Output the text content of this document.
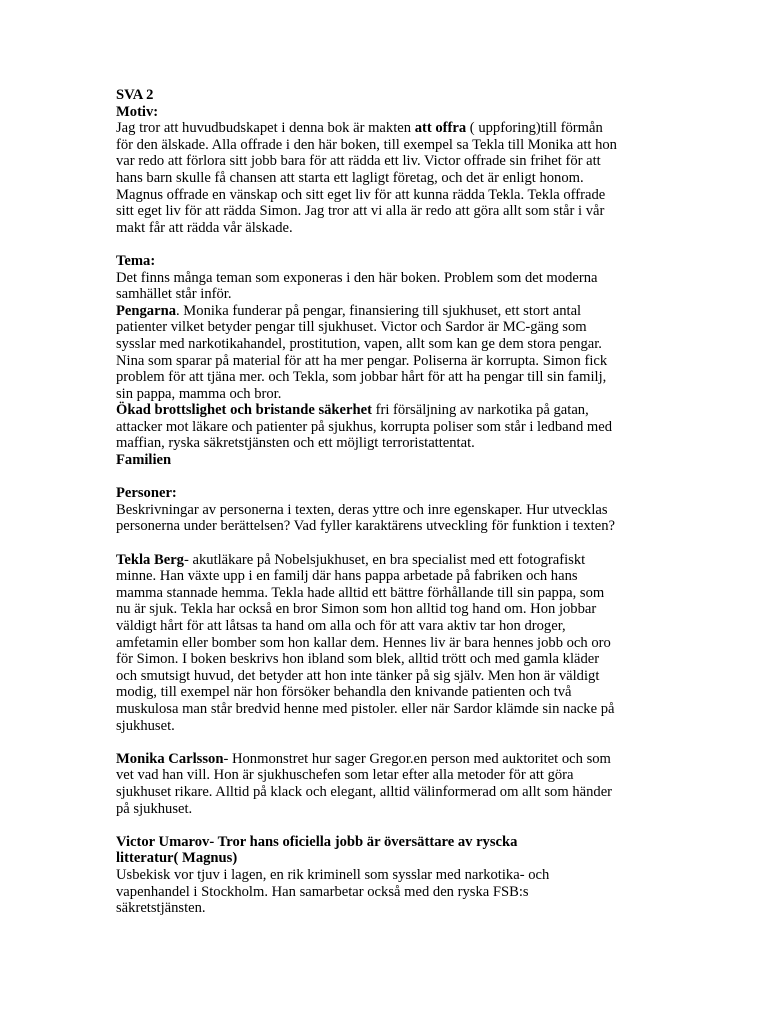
SVA 2
Motiv:
Jag tror att huvudbudskapet i denna bok är makten att offra ( uppforing)till förmån
för den älskade. Alla offrade i den här boken, till exempel sa Tekla till Monika att hon
var redo att förlora sitt jobb bara för att rädda ett liv. Victor offrade sin frihet för att
hans barn skulle få chansen att starta ett lagligt företag, och det är enligt honom.
Magnus offrade en vänskap och sitt eget liv för att kunna rädda Tekla. Tekla offrade
sitt eget liv för att rädda Simon. Jag tror att vi alla är redo att göra allt som står i vår
makt får att rädda vår älskade.
Tema:
Det finns många teman som exponeras i den här boken. Problem som det moderna
samhället står inför.
Pengarna. Monika funderar på pengar, finansiering till sjukhuset, ett stort antal
patienter vilket betyder pengar till sjukhuset. Victor och Sardor är MC-gäng som
sysslar med narkotikahandel, prostitution, vapen, allt som kan ge dem stora pengar.
Nina som sparar på material för att ha mer pengar. Poliserna är korrupta. Simon fick
problem för att tjäna mer. och Tekla, som jobbar hårt för att ha pengar till sin familj,
sin pappa, mamma och bror.
Ökad brottslighet och bristande säkerhet fri försäljning av narkotika på gatan,
attacker mot läkare och patienter på sjukhus, korrupta poliser som står i ledband med
maffian, ryska säkretstjänsten och ett möjligt terroristattentat.
Familien
Personer:
Beskrivningar av personerna i texten, deras yttre och inre egenskaper. Hur utvecklas
personerna under berättelsen? Vad fyller karaktärens utveckling för funktion i texten?
Tekla Berg- akutläkare på Nobelsjukhuset, en bra specialist med ett fotografiskt
minne. Han växte upp i en familj där hans pappa arbetade på fabriken och hans
mamma stannade hemma. Tekla hade alltid ett bättre förhållande till sin pappa, som
nu är sjuk. Tekla har också en bror Simon som hon alltid tog hand om. Hon jobbar
väldigt hårt för att låtsas ta hand om alla och för att vara aktiv tar hon droger,
amfetamin eller bomber som hon kallar dem. Hennes liv är bara hennes jobb och oro
för Simon. I boken beskrivs hon ibland som blek, alltid trött och med gamla kläder
och smutsigt huvud, det betyder att hon inte tänker på sig själv. Men hon är väldigt
modig, till exempel när hon försöker behandla den knivande patienten och två
muskulosa man står bredvid henne med pistoler. eller när Sardor klämde sin nacke på
sjukhuset.
Monika Carlsson- Honmonstret hur sager Gregor.en person med auktoritet och som
vet vad han vill. Hon är sjukhuschefen som letar efter alla metoder för att göra
sjukhuset rikare. Alltid på klack och elegant, alltid välinformerad om allt som händer
på sjukhuset.
Victor Umarov- Tror hans oficiella jobb är översättare av ryscka
litteratur( Magnus)
Usbekisk vor tjuv i lagen, en rik kriminell som sysslar med narkotika- och
vapenhandel i Stockholm. Han samarbetar också med den ryska FSB:s
säkretstjänsten.
